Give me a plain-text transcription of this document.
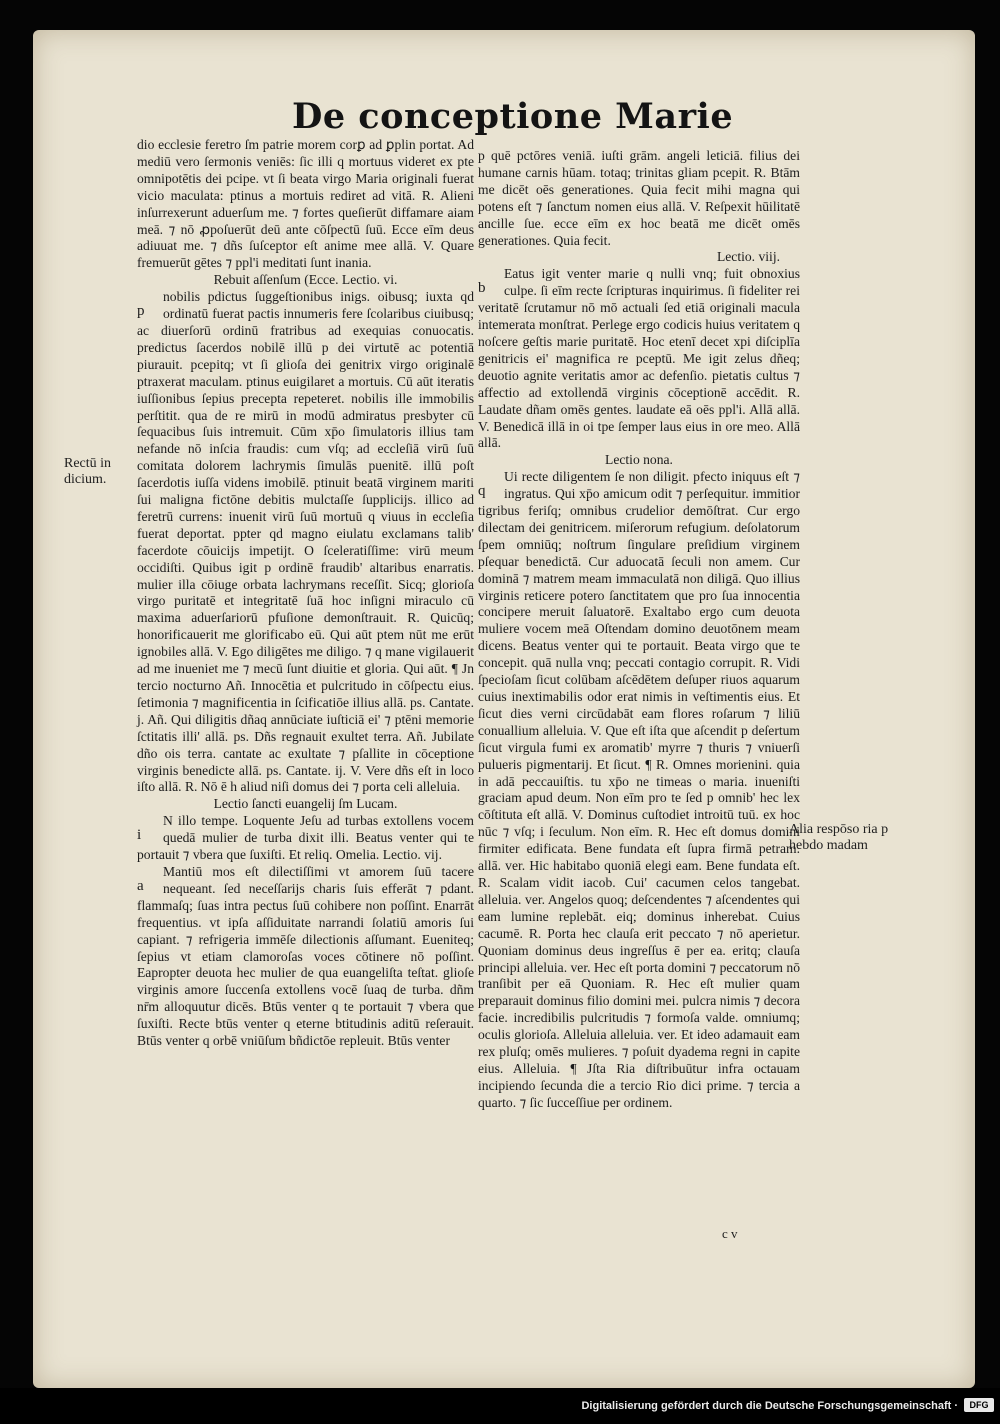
De conceptione Marie
Rectū in dicium.
Alia respōso ria p hebdo madam

dio ecclesie feretro ſm patrie morem corꝑ ad ꝑplin portat. Ad mediū vero ſermonis veniēs: ſic illi q mortuus videret ex pte omnipotētis dei pcipe. vt ſi beata virgo Maria originali fuerat vicio maculata: ptinus a mortuis rediret ad vitā. R. Alieni inſurrexerunt aduerſum me. ⁊ fortes queſierūt diffamare aiam meā. ⁊ nō ꝓpoſuerūt deū ante cōſpectū ſuū. Ecce eīm deus adiuuat me. ⁊ dñs ſuſceptor eſt anime mee allā. V. Quare fremuerūt gētes ⁊ ppl'i meditati ſunt inania.

Rebuit aſſenſum (Ecce. Lectio. vi.

p
nobilis pdictus ſuggeſtionibus inigs. oibusq; iuxta qd ordinatū fuerat pactis innumeris fere ſcolaribus ciuibusq; ac diuerſorū ordinū fratribus ad exequias conuocatis. predictus ſacerdos nobilē illū p dei virtutē ac potentiā piurauit. pcepitq; vt ſi glioſa dei genitrix virgo originalē ptraxerat maculam. ptinus euigilaret a mortuis. Cū aūt iteratis iuſſionibus ſepius precepta repeteret. nobilis ille immobilis perſtitit. qua de re mirū in modū admiratus presbyter cū ſequacibus ſuis intremuit. Cūm xp̄o ſimulatoris illius tam nefande nō inſcia fraudis: cum vſq; ad eccleſiā virū ſuū comitata dolorem lachrymis ſimulās puenitē. illū poſt ſacerdotis iuſſa videns imobilē. ptinuit beatā virginem mariti ſui maligna fictōne debitis mulctaſſe ſupplicijs. illico ad feretrū currens: inuenit virū ſuū mortuū q viuus in eccleſia fuerat deportat. ppter qd magno eiulatu exclamans talib' facerdote cōuicijs impetijt. O ſceleratiſſime: virū meum occidiſti. Quibus igit p ordinē fraudib' altaribus enarratis. mulier illa cōiuge orbata lachrymans receſſit. Sicq; glorioſa virgo puritatē et integritatē ſuā hoc inſigni miraculo cū maxima aduerſariorū pfuſione demonſtrauit. R. Quicūq; honorificauerit me glorificabo eū. Qui aūt ptem nūt me erūt ignobiles allā. V. Ego diligētes me diligo. ⁊ q mane vigilauerit ad me inueniet me ⁊ mecū ſunt diuitie et gloria. Qui aūt. ¶ Jn tercio nocturno Añ. Innocētia et pulcritudo in cōſpectu eius. ſetimonia ⁊ magnificentia in ſcificatiōe illius allā. ps. Cantate. j. Añ. Qui diligitis dñaq annūciate iuſticiā ei' ⁊ ptēni memorie ſctitatis illi' allā. ps. Dñs regnauit exultet terra. Añ. Jubilate dño ois terra. cantate ac exultate ⁊ pſallite in cōceptione virginis benedicte allā. ps. Cantate. ij. V. Vere dñs eſt in loco iſto allā. R. Nō ē h aliud niſi domus dei ⁊ porta celi alleluia.

Lectio ſancti euangelij ſm Lucam.

i
N illo tempe. Loquente Jeſu ad turbas extollens vocem quedā mulier de turba dixit illi. Beatus venter qui te portauit ⁊ vbera que ſuxiſti. Et reliq. Omelia. Lectio. vij.

a
Mantiū mos eſt dilectiſſimi vt amorem ſuū tacere nequeant. ſed neceſſarijs charis ſuis efferāt ⁊ pdant. flammaſq; ſuas intra pectus ſuū cohibere non poſſint. Enarrāt frequentius. vt ipſa aſſiduitate narrandi ſolatiū amoris ſui capiant. ⁊ refrigeria immēſe dilectionis aſſumant. Eueniteq; ſepius vt etiam clamoroſas voces cōtinere nō poſſint. Eapropter deuota hec mulier de qua euangeliſta teſtat. glioſe virginis amore ſuccenſa extollens vocē ſuaq de turba. dñm nr̄m alloquutur dicēs. Btūs venter q te portauit ⁊ vbera que ſuxiſti. Recte btūs venter q eterne btitudinis aditū reſerauit. Btūs venter q orbē vniūſum bñdictōe repleuit. Btūs venter

p quē pctōres veniā. iuſti grām. angeli leticiā. filius dei humane carnis hūam. totaq; trinitas gliam pcepit. R. Btām me dicēt oēs generationes. Quia fecit mihi magna qui potens eſt ⁊ ſanctum nomen eius allā. V. Reſpexit hūilitatē ancille ſue. ecce eīm ex hoc beatā me dicēt omēs generationes. Quia fecit.

Lectio. viij.

b
Eatus igit venter marie q nulli vnq; fuit obnoxius culpe. ſi eīm recte ſcripturas inquirimus. ſi fideliter rei veritatē ſcrutamur nō mō actuali ſed etiā originali macula intemerata monſtrat. Perlege ergo codicis huius veritatem q noſcere geſtis marie puritatē. Hoc etenī decet xpi diſciplīa genitricis ei' magnifica re pceptū. Me igit zelus dñeq; deuotio agnite veritatis amor ac defenſio. pietatis cultus ⁊ affectio ad extollendā virginis cōceptionē accēdit. R. Laudate dñam omēs gentes. laudate eā oēs ppl'i. Allā allā. V. Benedicā illā in oi tpe ſemper laus eius in ore meo. Allā allā.

Lectio nona.

q
Ui recte diligentem ſe non diligit. pfecto iniquus eſt ⁊ ingratus. Qui xp̄o amicum odit ⁊ perſequitur. immitior tigribus feriſq; omnibus crudelior demōſtrat. Cur ergo dilectam dei genitricem. miſerorum refugium. deſolatorum ſpem omniūq; noſtrum ſingulare preſidium virginem pſequar benedictā. Cur aduocatā ſeculi non amem. Cur dominā ⁊ matrem meam immaculatā non diligā. Quo illius virginis reticere potero ſanctitatem que pro ſua innocentia concipere meruit ſaluatorē. Exaltabo ergo cum deuota muliere vocem meā Oſtendam domino deuotōnem meam dicens. Beatus venter qui te portauit. Beata virgo que te concepit. quā nulla vnq; peccati contagio corrupit. R. Vidi ſpecioſam ſicut colūbam aſcēdētem deſuper riuos aquarum cuius inextimabilis odor erat nimis in veſtimentis eius. Et ſicut dies verni circūdabāt eam flores roſarum ⁊ liliū conuallium alleluia. V. Que eſt iſta que aſcendit p deſertum ſicut virgula fumi ex aromatib' myrre ⁊ thuris ⁊ vniuerſi pulueris pigmentarij. Et ſicut. ¶ R. Omnes morienini. quia in adā peccauiſtis. tu xp̄o ne timeas o maria. inueniſti graciam apud deum. Non eīm pro te ſed p omnib' hec lex cōſtituta eſt allā. V. Dominus cuſtodiet introitū tuū. ex hoc nūc ⁊ vſq; i ſeculum. Non eīm. R. Hec eſt domus domini firmiter edificata. Bene fundata eſt ſupra firmā petram. allā. ver. Hic habitabo quoniā elegi eam. Bene fundata eſt. R. Scalam vidit iacob. Cui' cacumen celos tangebat. alleluia. ver. Angelos quoq; deſcendentes ⁊ aſcendentes qui eam lumine replebāt. eiq; dominus inherebat. Cuius cacumē. R. Porta hec clauſa erit peccato ⁊ nō aperietur. Quoniam dominus deus ingreſſus ē per ea. eritq; clauſa principi alleluia. ver. Hec eſt porta domini ⁊ peccatorum nō tranſibit per eā Quoniam. R. Hec eſt mulier quam preparauit dominus filio domini mei. pulcra nimis ⁊ decora facie. incredibilis pulcritudis ⁊ formoſa valde. omniumq; oculis glorioſa. Alleluia alleluia. ver. Et ideo adamauit eam rex pluſq; omēs mulieres. ⁊ poſuit dyadema regni in capite eius. Alleluia. ¶ Jſta Ria diſtribuūtur infra octauam incipiendo ſecunda die a tercio Rio dici prime. ⁊ tercia a quarto. ⁊ ſic ſucceſſiue per ordinem.

c v
Digitalisierung gefördert durch die Deutsche Forschungsgemeinschaft ·	DFG
